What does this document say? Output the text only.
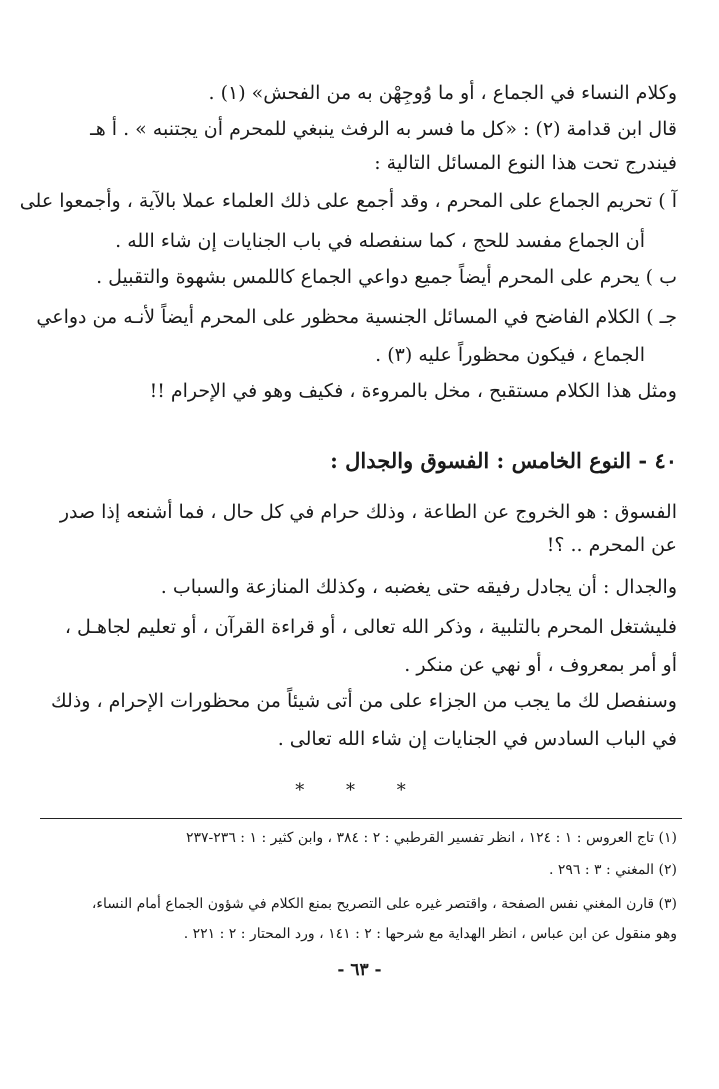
وكلام النساء في الجماع ، أو ما وُوجِهْن به من الفحش» (١) .
قال ابن قدامة (٢) : «كل ما فسر به الرفث ينبغي للمحرم أن يجتنبه » . أ هـ
فيندرج تحت هذا النوع المسائل التالية :
آ ) تحريم الجماع على المحرم ، وقد أجمع على ذلك العلماء عملا بالآية ، وأجمعوا على
أن الجماع مفسد للحج ، كما سنفصله في باب الجنايات إن شاء الله .
ب ) يحرم على المحرم أيضاً جميع دواعي الجماع كاللمس بشهوة والتقبيل .
جـ ) الكلام الفاضح في المسائل الجنسية محظور على المحرم أيضاً لأنـه من دواعي
الجماع ، فيكون محظوراً عليه (٣) .
ومثل هذا الكلام مستقبح ، مخل بالمروءة ، فكيف وهو في الإحرام !!
٤٠ - النوع الخامس : الفسوق والجدال :
الفسوق : هو الخروج عن الطاعة ، وذلك حرام في كل حال ، فما أشنعه إذا صدر
عن المحرم .. ؟!
والجدال : أن يجادل رفيقه حتى يغضبه ، وكذلك المنازعة والسباب .
فليشتغل المحرم بالتلبية ، وذكر الله تعالى ، أو قراءة القرآن ، أو تعليم لجاهـل ،
أو أمر بمعروف ، أو نهي عن منكر .
وسنفصل لك ما يجب من الجزاء على من أتى شيئاً من محظورات الإحرام ، وذلك
في الباب السادس في الجنايات إن شاء الله تعالى .
* * *
(١) تاج العروس : ١ : ١٢٤ ، انظر تفسير القرطبي : ٢ : ٣٨٤ ، وابن كثير : ١ : ٢٣٦-٢٣٧
(٢) المغني : ٣ : ٢٩٦ .
(٣) قارن المغني نفس الصفحة ، واقتصر غيره على التصريح بمنع الكلام في شؤون الجماع أمام النساء،
وهو منقول عن ابن عباس ، انظر الهداية مع شرحها : ٢ : ١٤١ ، ورد المحتار : ٢ : ٢٢١ .
- ٦٣ -
